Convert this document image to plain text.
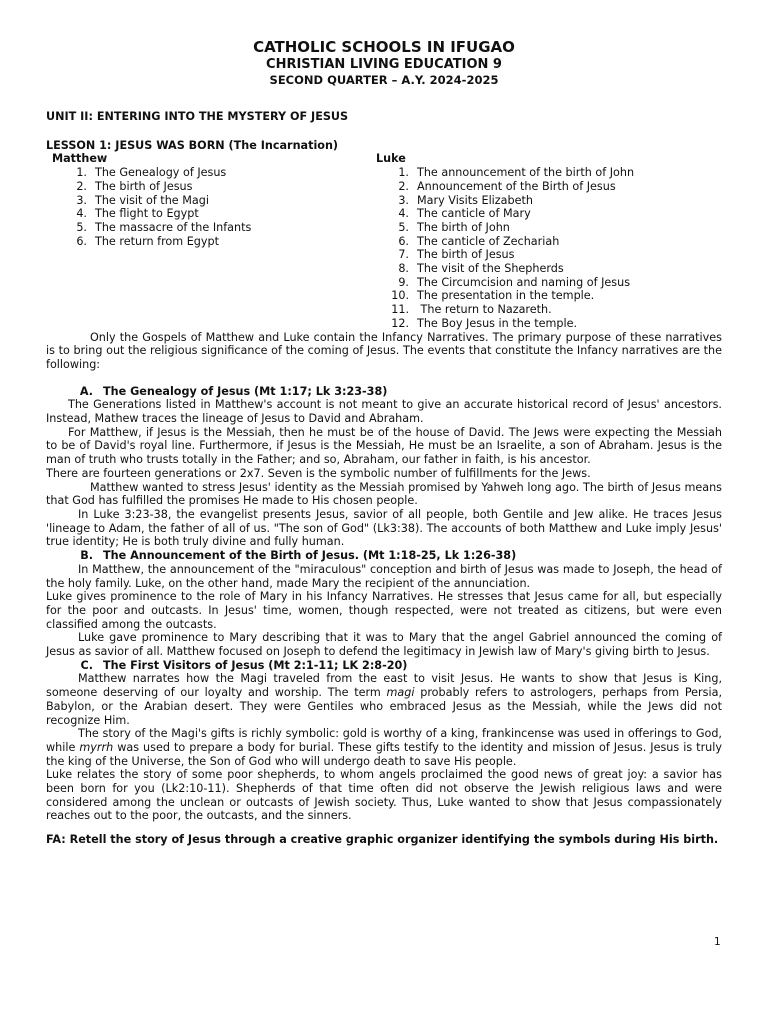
CATHOLIC SCHOOLS IN IFUGAO
CHRISTIAN LIVING EDUCATION 9
SECOND QUARTER – A.Y. 2024-2025
UNIT II: ENTERING INTO THE MYSTERY OF JESUS
LESSON 1: JESUS WAS BORN (The Incarnation)
Matthew
1. The Genealogy of Jesus
2. The birth of Jesus
3. The visit of the Magi
4. The flight to Egypt
5. The massacre of the Infants
6. The return from Egypt
Luke
1. The announcement of the birth of John
2. Announcement of the Birth of Jesus
3. Mary Visits Elizabeth
4. The canticle of Mary
5. The birth of John
6. The canticle of Zechariah
7. The birth of Jesus
8. The visit of the Shepherds
9. The Circumcision and naming of Jesus
10. The presentation in the temple.
11. The return to Nazareth.
12. The Boy Jesus in the temple.

Only the Gospels of Matthew and Luke contain the Infancy Narratives. The primary purpose of these narratives is to bring out the religious significance of the coming of Jesus. The events that constitute the Infancy narratives are the following:

A. The Genealogy of Jesus (Mt 1:17; Lk 3:23-38)

The Generations listed in Matthew's account is not meant to give an accurate historical record of Jesus' ancestors. Instead, Mathew traces the lineage of Jesus to David and Abraham.

For Matthew, if Jesus is the Messiah, then he must be of the house of David. The Jews were expecting the Messiah to be of David's royal line. Furthermore, if Jesus is the Messiah, He must be an Israelite, a son of Abraham. Jesus is the man of truth who trusts totally in the Father; and so, Abraham, our father in faith, is his ancestor.

There are fourteen generations or 2x7. Seven is the symbolic number of fulfillments for the Jews.

Matthew wanted to stress Jesus' identity as the Messiah promised by Yahweh long ago. The birth of Jesus means that God has fulfilled the promises He made to His chosen people.

In Luke 3:23-38, the evangelist presents Jesus, savior of all people, both Gentile and Jew alike. He traces Jesus 'lineage to Adam, the father of all of us. "The son of God" (Lk3:38). The accounts of both Matthew and Luke imply Jesus' true identity; He is both truly divine and fully human.

B. The Announcement of the Birth of Jesus. (Mt 1:18-25, Lk 1:26-38)

In Matthew, the announcement of the "miraculous" conception and birth of Jesus was made to Joseph, the head of the holy family. Luke, on the other hand, made Mary the recipient of the annunciation.

Luke gives prominence to the role of Mary in his Infancy Narratives. He stresses that Jesus came for all, but especially for the poor and outcasts. In Jesus' time, women, though respected, were not treated as citizens, but were even classified among the outcasts.

Luke gave prominence to Mary describing that it was to Mary that the angel Gabriel announced the coming of Jesus as savior of all. Matthew focused on Joseph to defend the legitimacy in Jewish law of Mary's giving birth to Jesus.

C. The First Visitors of Jesus (Mt 2:1-11; LK 2:8-20)

Matthew narrates how the Magi traveled from the east to visit Jesus. He wants to show that Jesus is King, someone deserving of our loyalty and worship. The term magi probably refers to astrologers, perhaps from Persia, Babylon, or the Arabian desert. They were Gentiles who embraced Jesus as the Messiah, while the Jews did not recognize Him.

The story of the Magi's gifts is richly symbolic: gold is worthy of a king, frankincense was used in offerings to God, while myrrh was used to prepare a body for burial. These gifts testify to the identity and mission of Jesus. Jesus is truly the king of the Universe, the Son of God who will undergo death to save His people.

Luke relates the story of some poor shepherds, to whom angels proclaimed the good news of great joy: a savior has been born for you (Lk2:10-11). Shepherds of that time often did not observe the Jewish religious laws and were considered among the unclean or outcasts of Jewish society. Thus, Luke wanted to show that Jesus compassionately reaches out to the poor, the outcasts, and the sinners.

FA: Retell the story of Jesus through a creative graphic organizer identifying the symbols during His birth.
1
